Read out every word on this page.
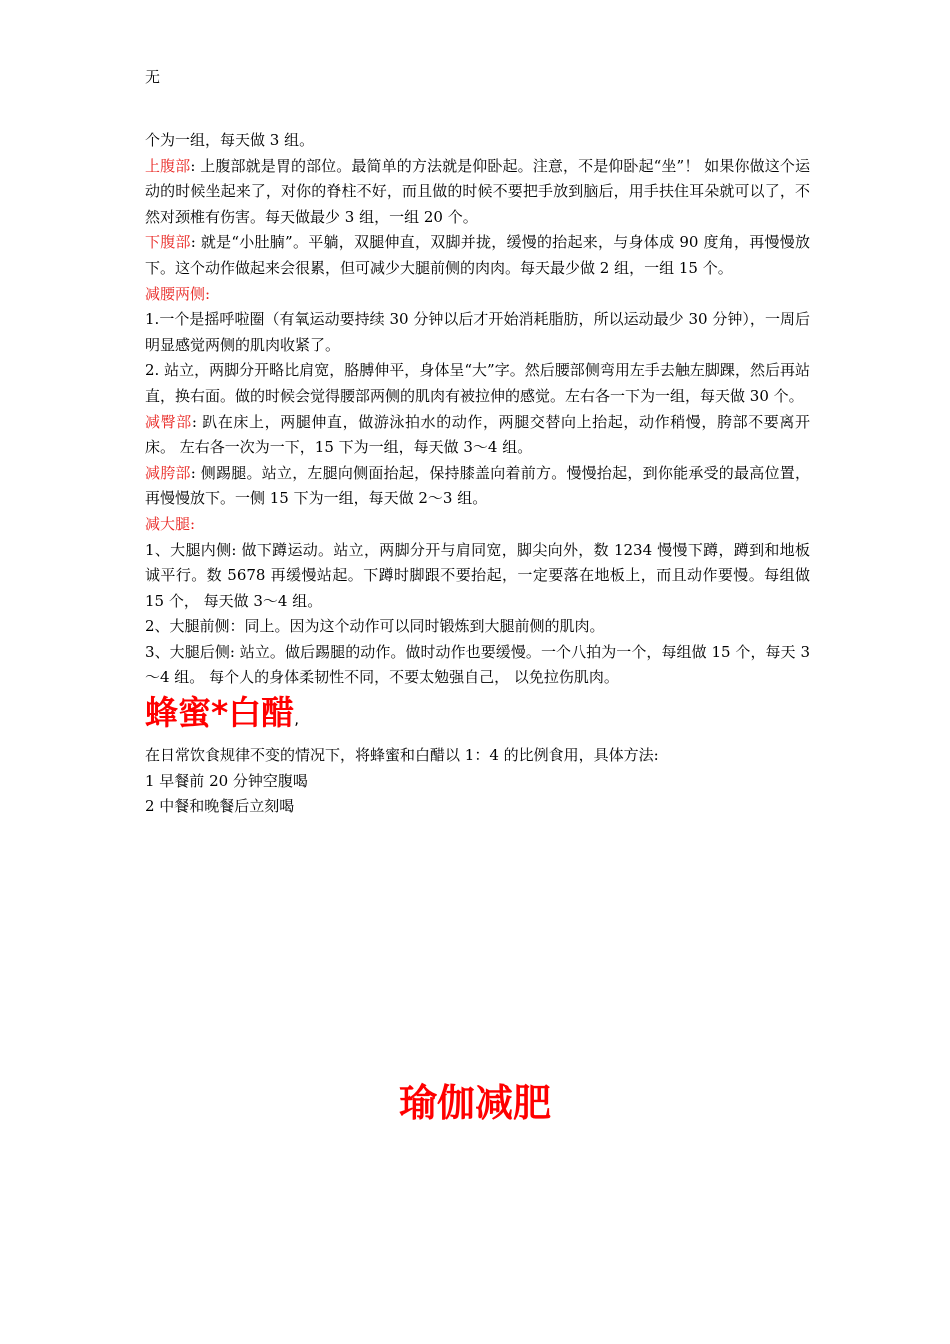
无

个为一组，每天做 3 组。

上腹部: 上腹部就是胃的部位。最简单的方法就是仰卧起。注意，不是仰卧起“坐”！ 如果你做这个运动的时候坐起来了，对你的脊柱不好，而且做的时候不要把手放到脑后，用手扶住耳朵就可以了，不然对颈椎有伤害。每天做最少 3 组，一组 20 个。

下腹部: 就是“小肚腩”。平躺，双腿伸直，双脚并拢，缓慢的抬起来，与身体成 90 度角，再慢慢放下。这个动作做起来会很累，但可减少大腿前侧的肉肉。每天最少做 2 组，一组 15 个。

减腰两侧:

1.一个是摇呼啦圈（有氧运动要持续 30 分钟以后才开始消耗脂肪，所以运动最少 30 分钟），一周后明显感觉两侧的肌肉收紧了。

2. 站立，两脚分开略比肩宽，胳膊伸平，身体呈“大”字。然后腰部侧弯用左手去触左脚踝，然后再站直，换右面。做的时候会觉得腰部两侧的肌肉有被拉伸的感觉。左右各一下为一组，每天做 30 个。

减臀部: 趴在床上，两腿伸直，做游泳拍水的动作，两腿交替向上抬起，动作稍慢，胯部不要离开床。 左右各一次为一下，15 下为一组，每天做 3～4 组。

减胯部: 侧踢腿。站立，左腿向侧面抬起，保持膝盖向着前方。慢慢抬起，到你能承受的最高位置，再慢慢放下。一侧 15 下为一组，每天做 2～3 组。

减大腿:

1、大腿内侧: 做下蹲运动。站立，两脚分开与肩同宽，脚尖向外，数 1234 慢慢下蹲，蹲到和地板诚平行。数 5678 再缓慢站起。下蹲时脚跟不要抬起，一定要落在地板上，而且动作要慢。每组做 15 个， 每天做 3～4 组。

2、大腿前侧：同上。因为这个动作可以同时锻炼到大腿前侧的肌肉。

3、大腿后侧: 站立。做后踢腿的动作。做时动作也要缓慢。一个八拍为一个，每组做 15 个，每天 3～4 组。 每个人的身体柔韧性不同，不要太勉强自己， 以免拉伤肌肉。

蜂蜜*白醋,

在日常饮食规律不变的情况下，将蜂蜜和白醋以 1：4 的比例食用，具体方法:

1 早餐前 20 分钟空腹喝

2 中餐和晚餐后立刻喝

瑜伽减肥
